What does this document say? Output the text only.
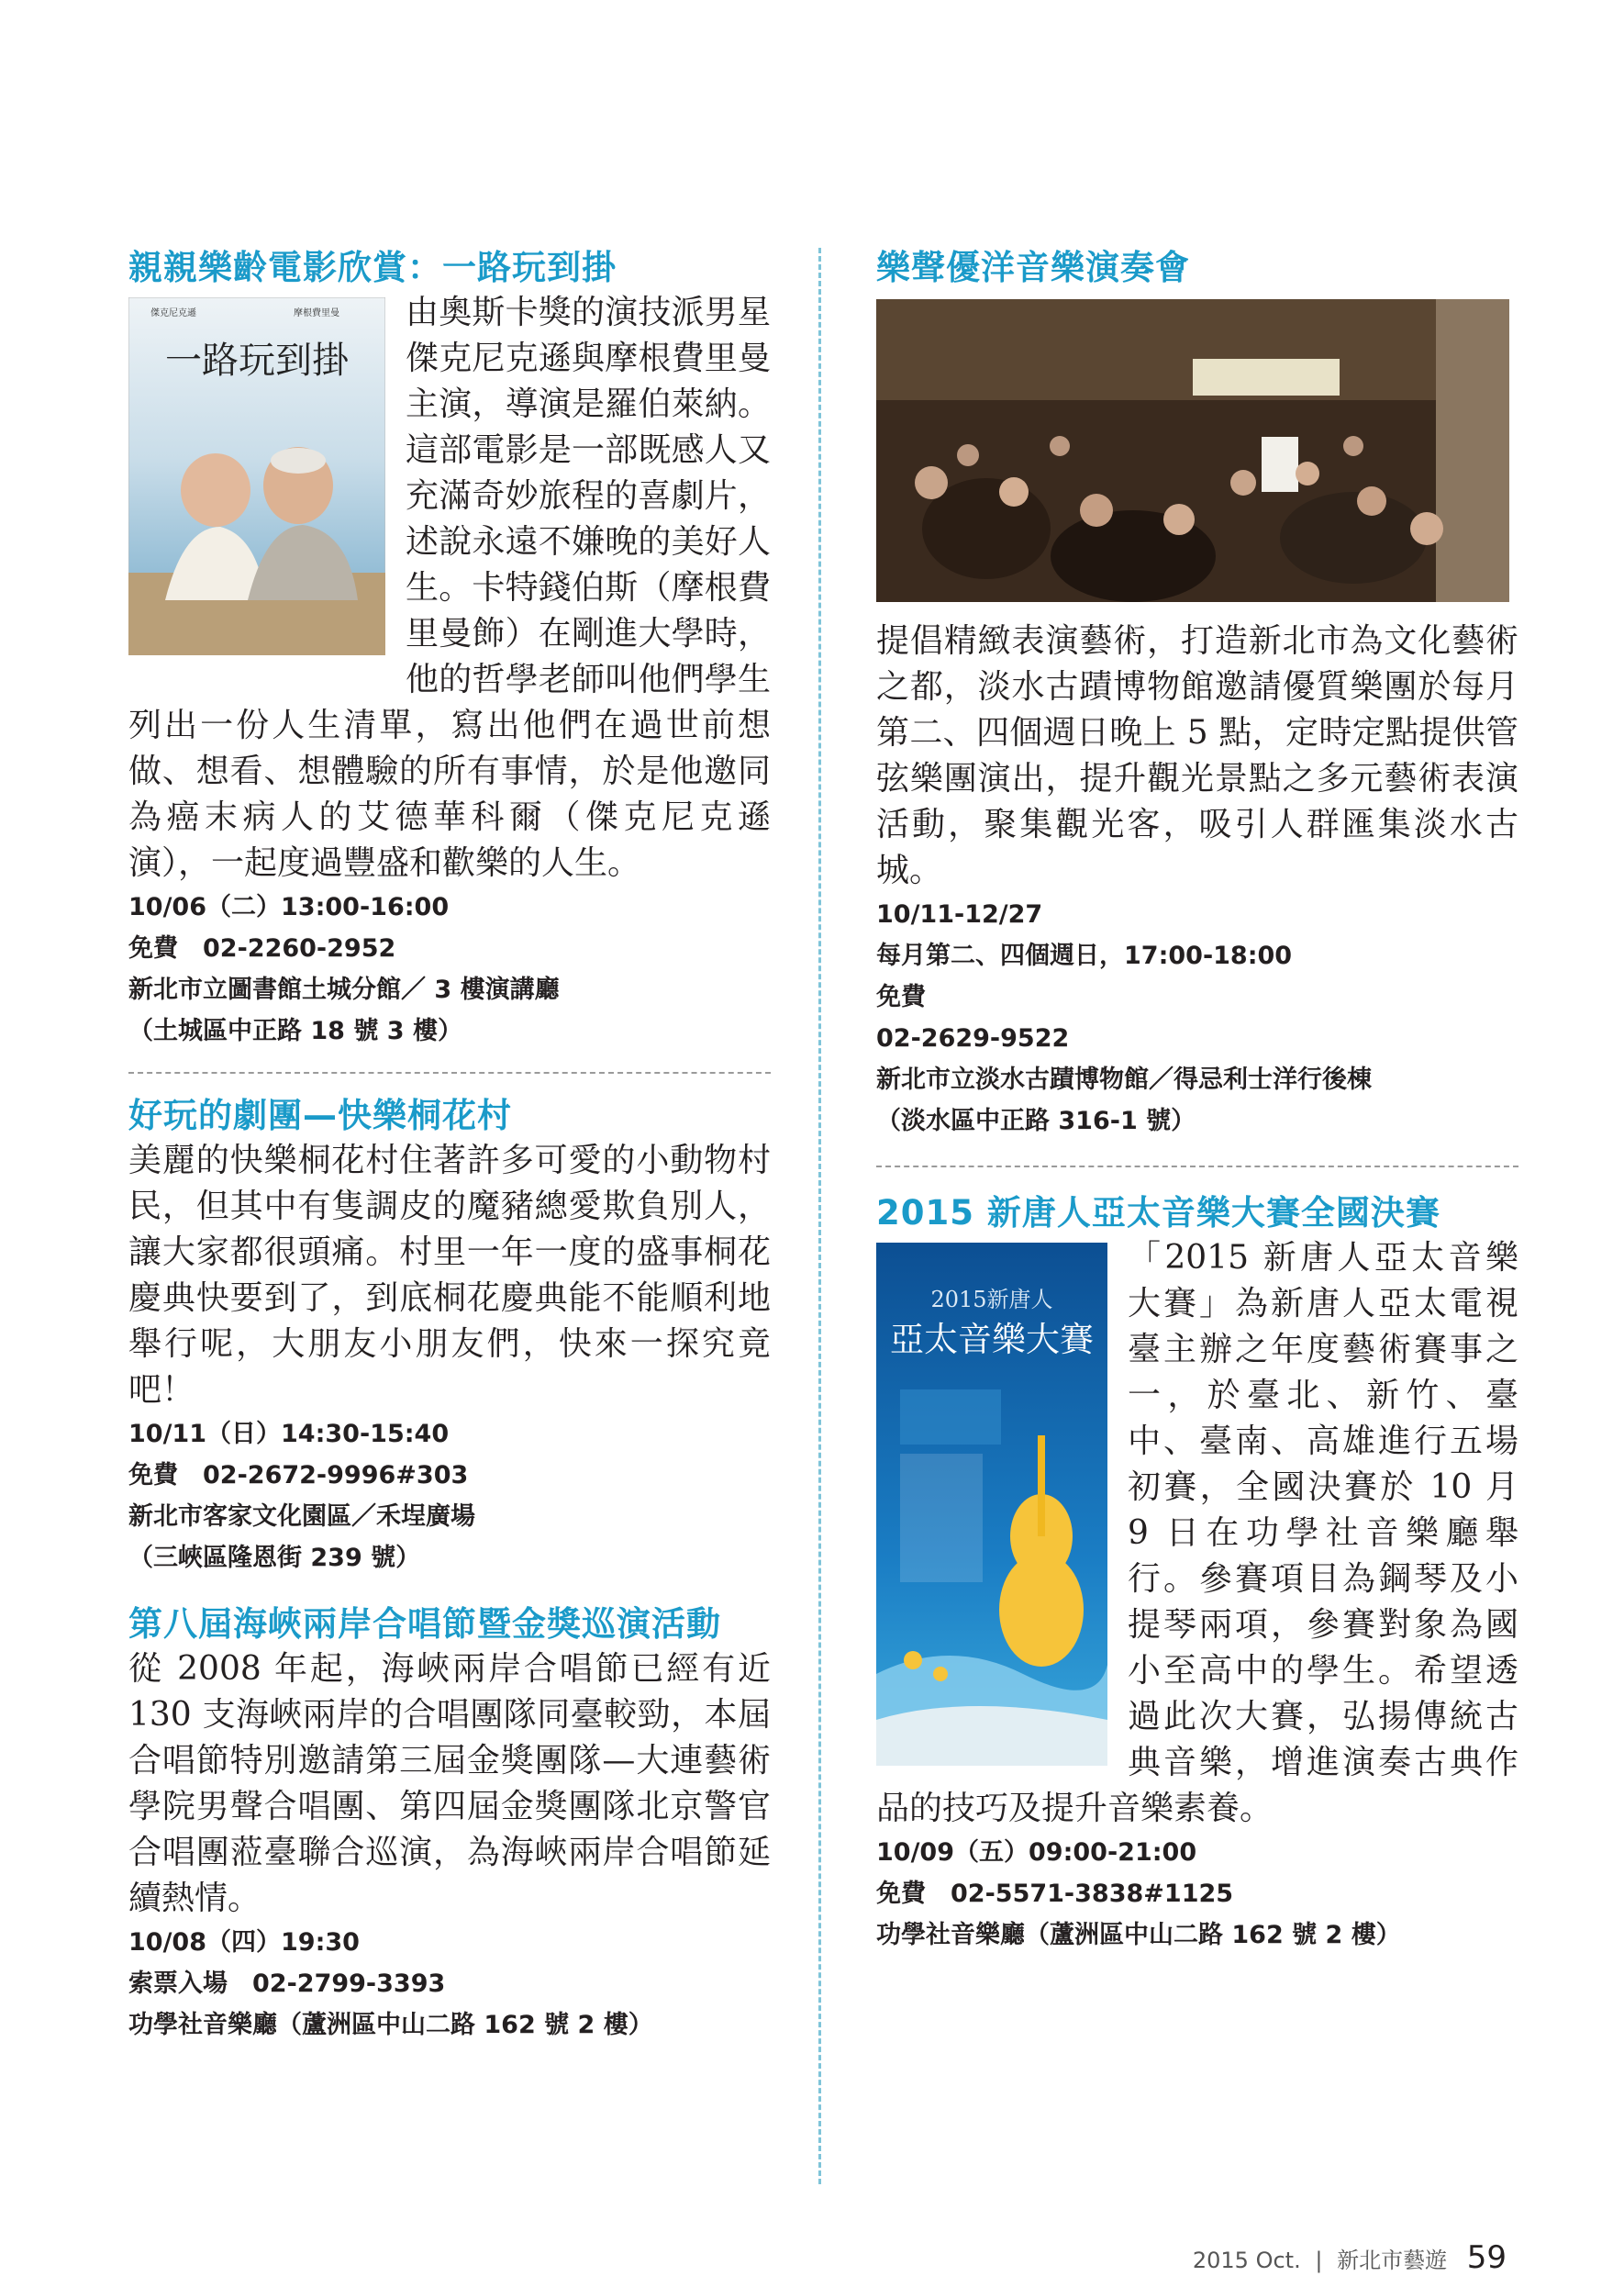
親親樂齡電影欣賞：一路玩到掛
傑克尼克遜	摩根費里曼
一路玩到掛

由奧斯卡獎的演技派男星傑克尼克遜與摩根費里曼主演，導演是羅伯萊納。這部電影是一部既感人又充滿奇妙旅程的喜劇片，述說永遠不嫌晚的美好人生。卡特錢伯斯（摩根費里曼飾）在剛進大學時，他的哲學老師叫他們學生列出一份人生清單，寫出他們在過世前想做、想看、想體驗的所有事情，於是他邀同為癌末病人的艾德華科爾（傑克尼克遜演），一起度過豐盛和歡樂的人生。

10/06（二）13:00-16:00

免費　02-2260-2952

新北市立圖書館土城分館／ 3 樓演講廳

（土城區中正路 18 號 3 樓）

好玩的劇團—快樂桐花村

美麗的快樂桐花村住著許多可愛的小動物村民，但其中有隻調皮的魔豬總愛欺負別人，讓大家都很頭痛。村里一年一度的盛事桐花慶典快要到了，到底桐花慶典能不能順利地舉行呢，大朋友小朋友們，快來一探究竟吧！

10/11（日）14:30-15:40

免費　02-2672-9996#303

新北市客家文化園區／禾埕廣場

（三峽區隆恩街 239 號）

第八屆海峽兩岸合唱節暨金獎巡演活動

從 2008 年起，海峽兩岸合唱節已經有近 130 支海峽兩岸的合唱團隊同臺較勁，本屆合唱節特別邀請第三屆金獎團隊—大連藝術學院男聲合唱團、第四屆金獎團隊北京警官合唱團蒞臺聯合巡演，為海峽兩岸合唱節延續熱情。

10/08（四）19:30

索票入場　02-2799-3393

功學社音樂廳（蘆洲區中山二路 162 號 2 樓）

樂聲優洋音樂演奏會

提倡精緻表演藝術，打造新北市為文化藝術之都，淡水古蹟博物館邀請優質樂團於每月第二、四個週日晚上 5 點，定時定點提供管弦樂團演出，提升觀光景點之多元藝術表演活動，聚集觀光客，吸引人群匯集淡水古城。

10/11-12/27

每月第二、四個週日，17:00-18:00

免費

02-2629-9522

新北市立淡水古蹟博物館／得忌利士洋行後棟

（淡水區中正路 316-1 號）

2015 新唐人亞太音樂大賽全國決賽
2015新唐人
亞太音樂大賽

「2015 新唐人亞太音樂大賽」為新唐人亞太電視臺主辦之年度藝術賽事之一，於臺北、新竹、臺中、臺南、高雄進行五場初賽，全國決賽於 10 月 9 日在功學社音樂廳舉行。參賽項目為鋼琴及小提琴兩項，參賽對象為國小至高中的學生。希望透過此次大賽，弘揚傳統古典音樂，增進演奏古典作品的技巧及提升音樂素養。

10/09（五）09:00-21:00

免費　02-5571-3838#1125

功學社音樂廳（蘆洲區中山二路 162 號 2 樓）

2015 Oct. | 新北市藝遊 59
